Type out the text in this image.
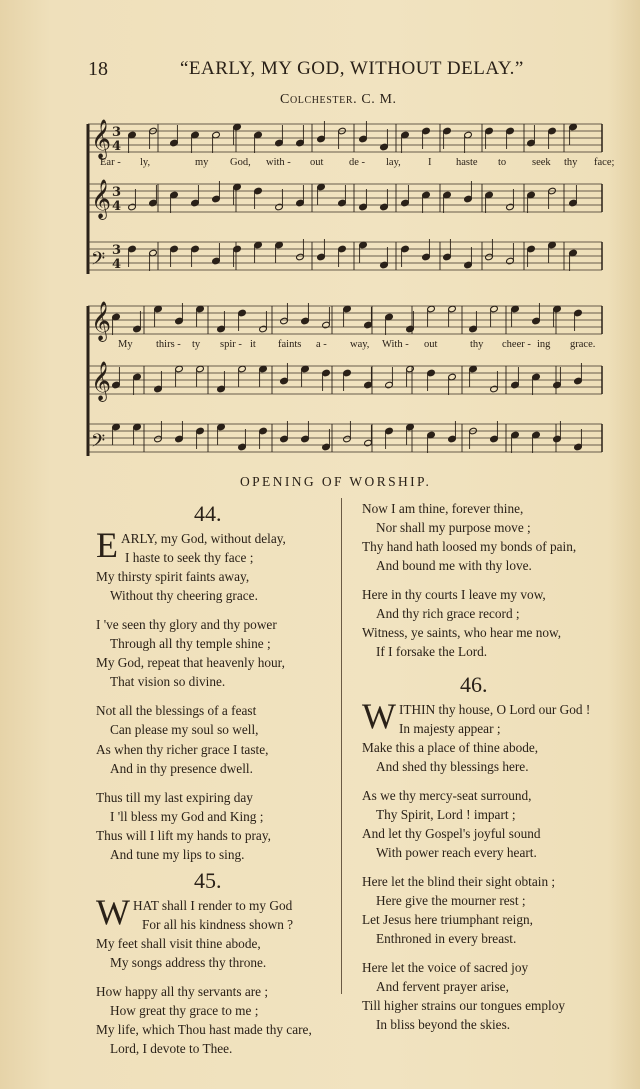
18	“EARLY, MY GOD, WITHOUT DELAY.”
Colchester. C. M.
𝄞 3
4
𝄞 3
4
𝄢 3
4
Ear - ly,	my God, with - out de - lay,	I haste to seek thy face;
𝄞
𝄞
𝄢
My thirs - ty spir - it faints a - way, With - out	thy cheer - ing grace.
OPENING OF WORSHIP.
44.
EARLY, my God, without delay,
I haste to seek thy face ;
My thirsty spirit faints away,
Without thy cheering grace.
I 've seen thy glory and thy power
Through all thy temple shine ;
My God, repeat that heavenly hour,
That vision so divine.
Not all the blessings of a feast
Can please my soul so well,
As when thy richer grace I taste,
And in thy presence dwell.
Thus till my last expiring day
I 'll bless my God and King ;
Thus will I lift my hands to pray,
And tune my lips to sing.
45.
WHAT shall I render to my God
For all his kindness shown ?
My feet shall visit thine abode,
My songs address thy throne.
How happy all thy servants are ;
How great thy grace to me ;
My life, which Thou hast made thy care,
Lord, I devote to Thee.
Now I am thine, forever thine,
Nor shall my purpose move ;
Thy hand hath loosed my bonds of pain,
And bound me with thy love.
Here in thy courts I leave my vow,
And thy rich grace record ;
Witness, ye saints, who hear me now,
If I forsake the Lord.
46.
WITHIN thy house, O Lord our God !
In majesty appear ;
Make this a place of thine abode,
And shed thy blessings here.
As we thy mercy-seat surround,
Thy Spirit, Lord ! impart ;
And let thy Gospel's joyful sound
With power reach every heart.
Here let the blind their sight obtain ;
Here give the mourner rest ;
Let Jesus here triumphant reign,
Enthroned in every breast.
Here let the voice of sacred joy
And fervent prayer arise,
Till higher strains our tongues employ
In bliss beyond the skies.
